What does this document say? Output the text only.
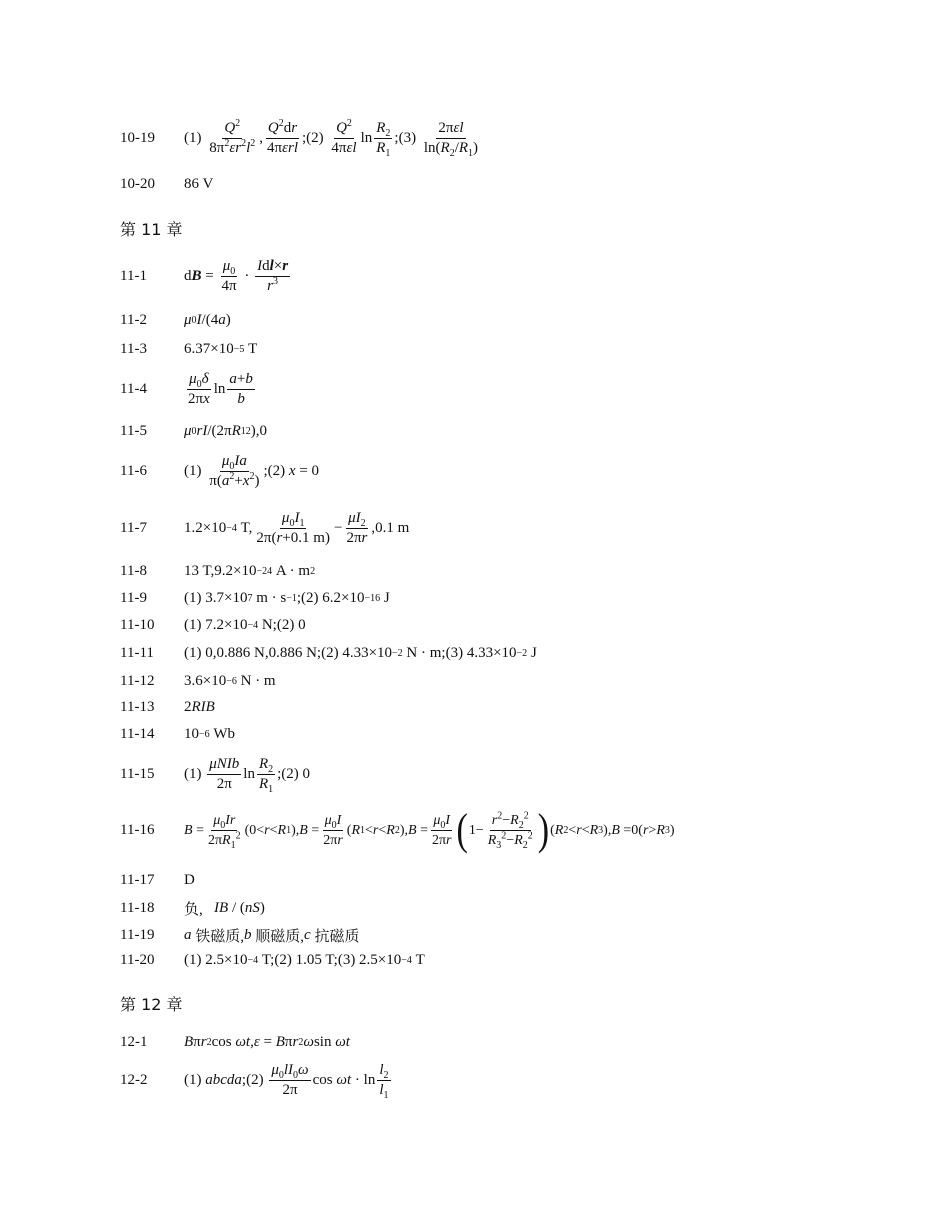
10-19	$(1) \frac{Q^2}{8\pi^2\varepsilon r^2l^2}$ , $\frac{Q^2dr}{\text{4πεrl}}$ ;(2) $\frac{Q^2}{\text{4πεl}}$ $\ln \frac{R_2}{R_1}$ ;(3) $\frac{\text{2πεl}}{\ln(R_2/R_1)}$
10-20	86 V
第 11 章
11-1	d $B = \frac{\mu_0}{4\pi} \cdot \frac{\text{Idl×r}}{r^3}$
11-2	μ 0 I /(4 a )
11-3	6.37×10 −5 T
11-4	$\frac{\mu_0\delta}{2\pi x}$ $\ln \frac{a+b}{b}$
11-5	μ 0 rI /(2π R 1 2 ),0
11-6	$(1) \frac{\mu_0Ia}{\pi(a^2+x^2)}$ ;(2) x = 0
11-7	1.2×10 −4 T, $\frac{\mu_0I_1}{2\pi(r+0.1 m)} - \frac{\mu I_2}{2\pi r} ,0.1$ m
11-8	13 T,9.2×10 −24 A · m 2
11-9	(1) 3.7×10 7 m · s −1 ;(2) 6.2×10 −16 J
11-10	(1) 7.2×10 −4 N;(2) 0
11-11	(1) 0,0.886 N,0.886 N;(2) 4.33×10 −2 N · m;(3) 4.33×10 −2 J
11-12	3.6×10 −6 N · m
11-13	2 RIB
11-14	10 −6 Wb
11-15	$(1) \frac{\text{μNIb}}{2\pi}$ $\ln \frac{R_2}{R_1}$ ;(2) 0
11-16	$B = \frac{\mu_0Ir}{2\pi R_1^2} (0< r < R$ 1 ), $B = \frac{\mu_0I}{2\pi r}$ ( R 1 < r < R 2 ), $B = \frac{\mu_0I}{2\pi r}$ ( $1- \frac{r^2-R_2^2}{R_3^2-R_2^2}$ ) ( R 2 < r < R 3 ), B =0( r > R 3 )
11-17	D
11-18	负, IB / ( nS )
11-19	a 铁磁质, b 顺磁质, c 抗磁质
11-20	(1) 2.5×10 −4 T;(2) 1.05 T;(3) 2.5×10 −4 T
第 12 章
12-1	B π r 2 cos ωt , ε = B π r 2 ω sin ωt
12-2	(1) abcda ;(2) $\frac{\mu_0lI_0\omega}{2\pi}$ $\cos \omega t \cdot \ln \frac{l_2}{l_1}$
